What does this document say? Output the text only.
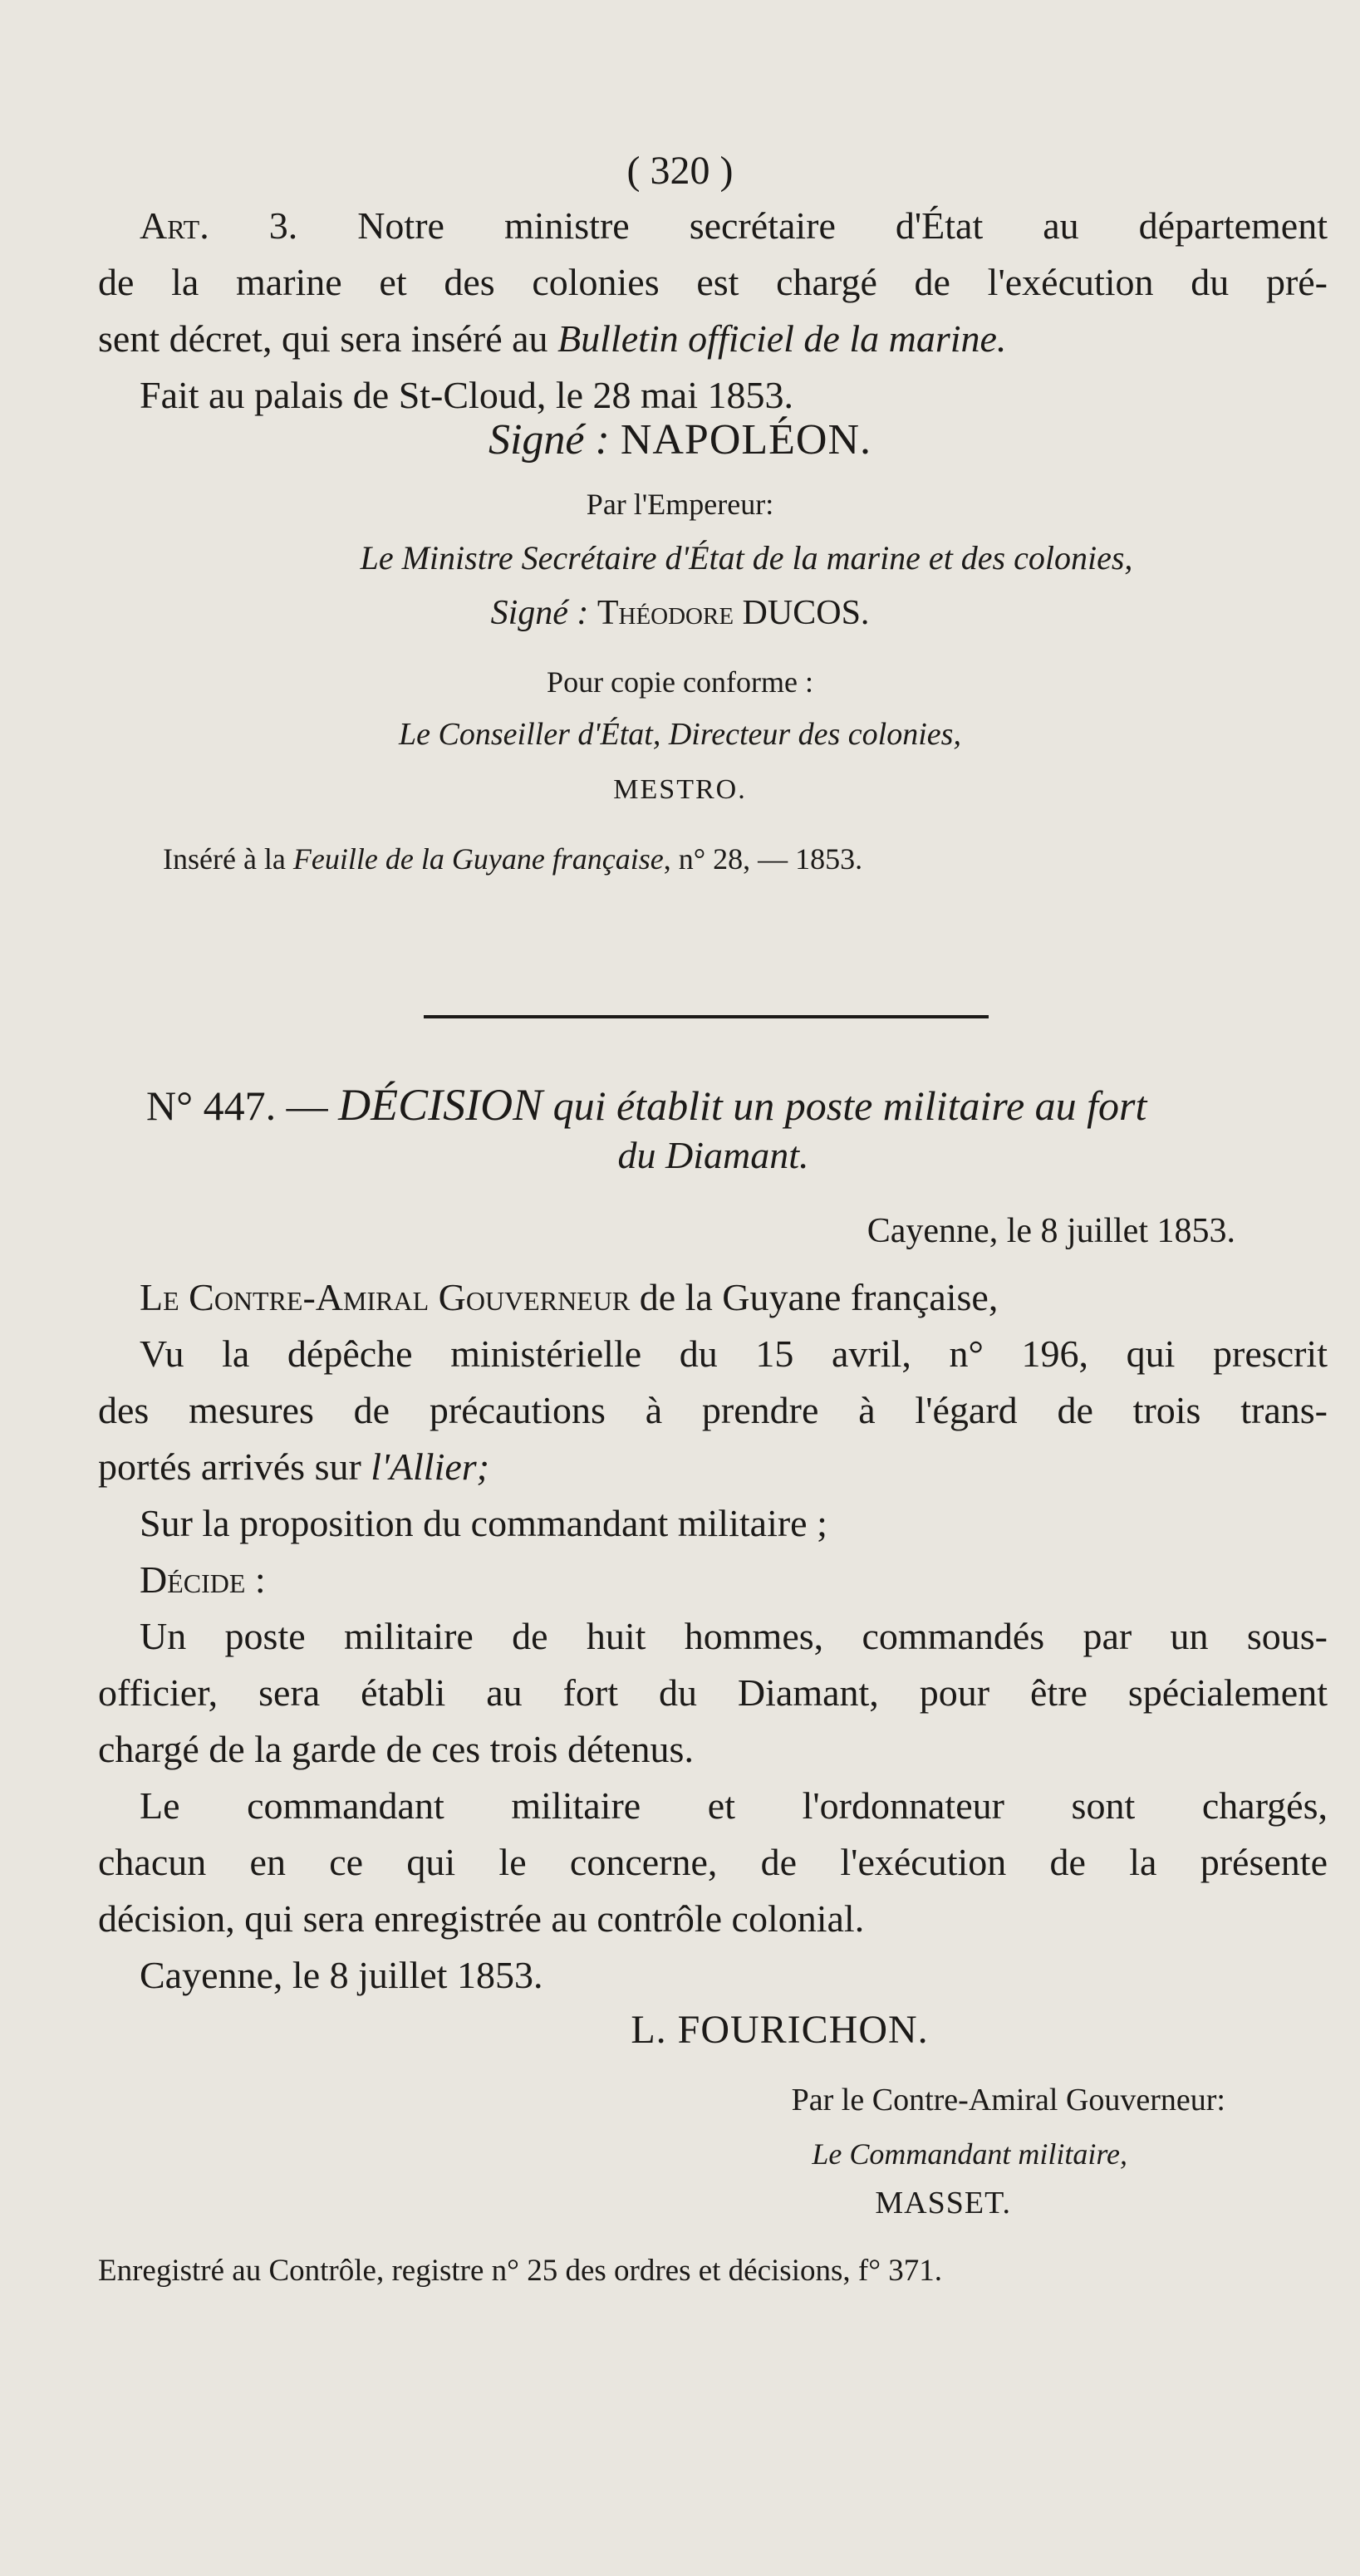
( 320 )

Art. 3. Notre ministre secrétaire d'État au département

de la marine et des colonies est chargé de l'exécution du pré-

sent décret, qui sera inséré au Bulletin officiel de la marine.

Fait au palais de St-Cloud, le 28 mai 1853.

Signé : NAPOLÉON.
Par l'Empereur:
Le Ministre Secrétaire d'État de la marine et des colonies,
Signé : Théodore DUCOS.
Pour copie conforme :
Le Conseiller d'État, Directeur des colonies,
MESTRO.
Inséré à la Feuille de la Guyane française, n° 28, — 1853.
N° 447. — DÉCISION qui établit un poste militaire au fort
du Diamant.
Cayenne, le 8 juillet 1853.

Le Contre-Amiral Gouverneur de la Guyane française,

Vu la dépêche ministérielle du 15 avril, n° 196, qui prescrit

des mesures de précautions à prendre à l'égard de trois trans-

portés arrivés sur l'Allier;

Sur la proposition du commandant militaire ;

Décide :

Un poste militaire de huit hommes, commandés par un sous-

officier, sera établi au fort du Diamant, pour être spécialement

chargé de la garde de ces trois détenus.

Le commandant militaire et l'ordonnateur sont chargés,

chacun en ce qui le concerne, de l'exécution de la présente

décision, qui sera enregistrée au contrôle colonial.

Cayenne, le 8 juillet 1853.

L. FOURICHON.
Par le Contre-Amiral Gouverneur:
Le Commandant militaire,
MASSET.
Enregistré au Contrôle, registre n° 25 des ordres et décisions, f° 371.
